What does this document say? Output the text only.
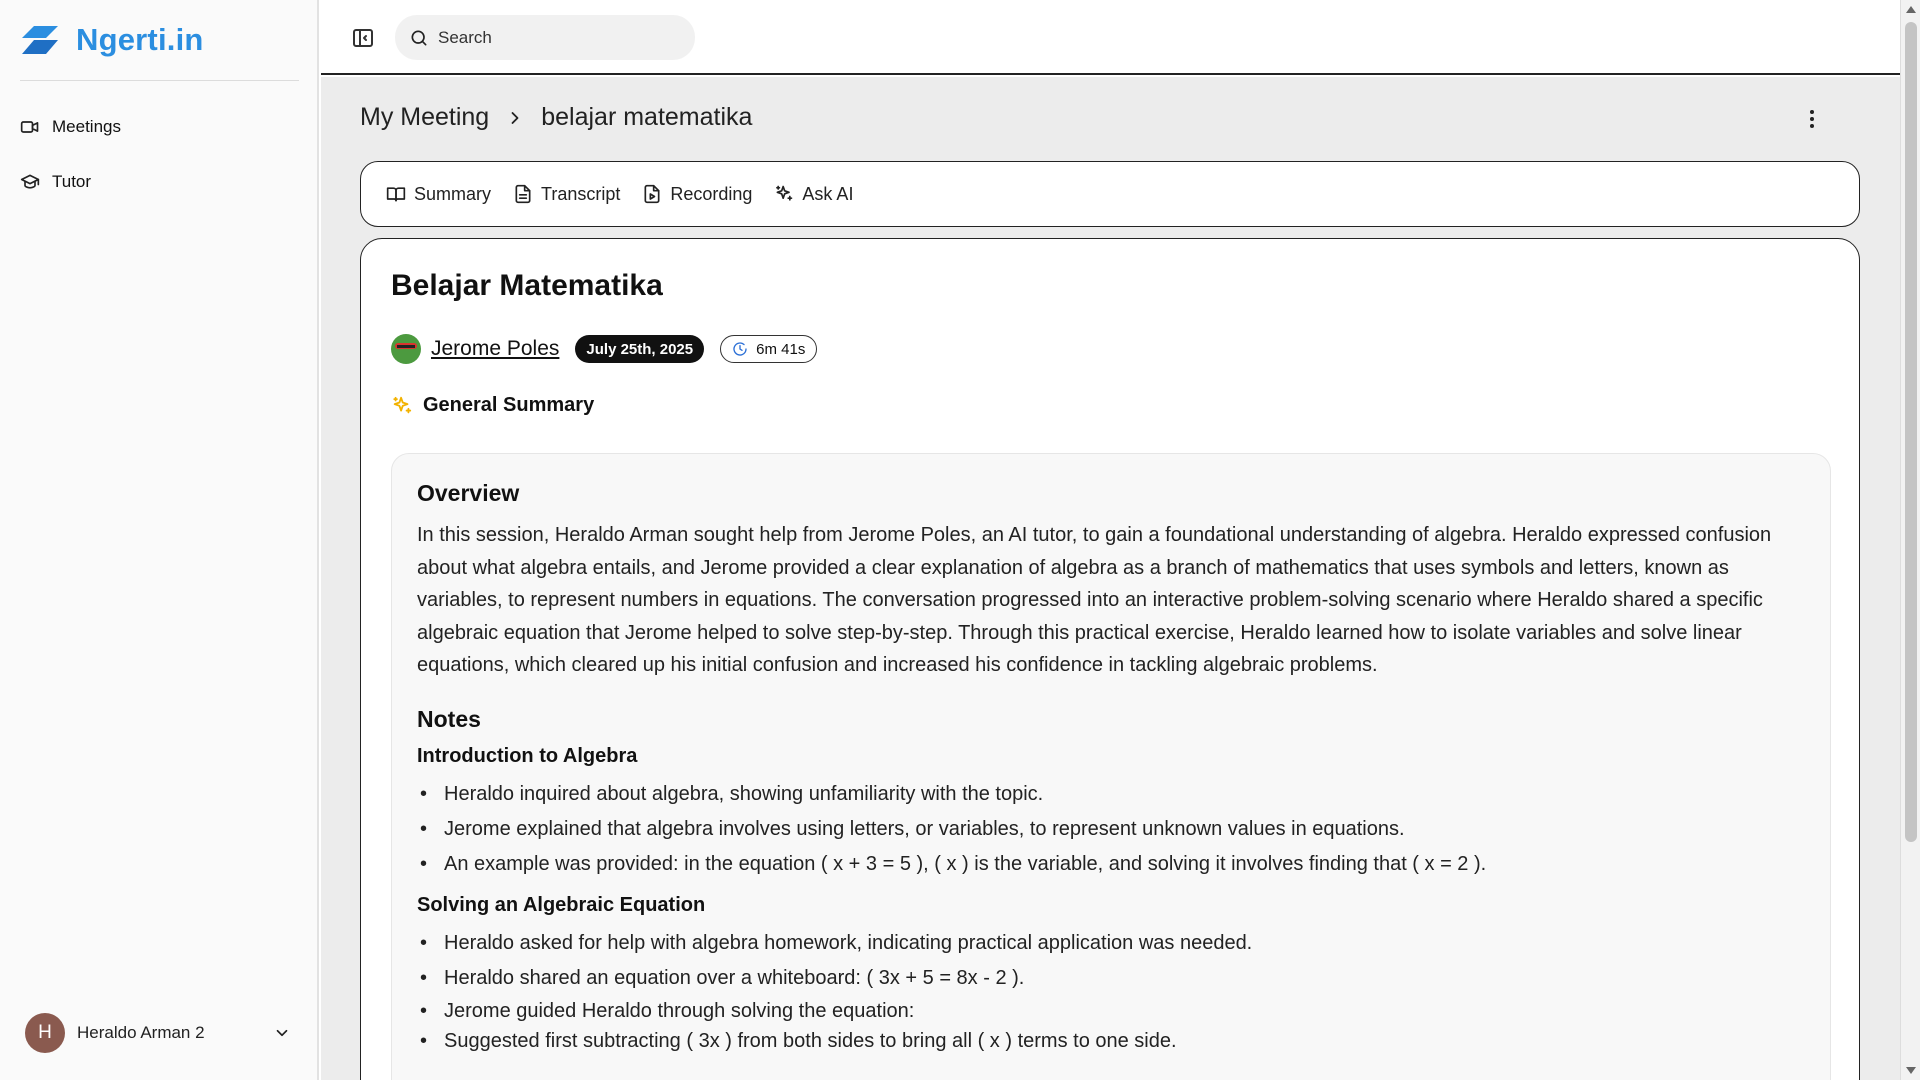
Ngerti.in
Meetings
Tutor
H	Heraldo Arman 2
Search
My Meeting belajar matematika
Summary	Transcript	Recording	Ask AI
Belajar Matematika
Jerome Poles	July 25th, 2025	6m 41s
General Summary
Overview

In this session, Heraldo Arman sought help from Jerome Poles, an AI tutor, to gain a foundational understanding of algebra. Heraldo expressed confusion about what algebra entails, and Jerome provided a clear explanation of algebra as a branch of mathematics that uses symbols and letters, known as variables, to represent numbers in equations. The conversation progressed into an interactive problem-solving scenario where Heraldo shared a specific algebraic equation that Jerome helped to solve step-by-step. Through this practical exercise, Heraldo learned how to isolate variables and solve linear equations, which cleared up his initial confusion and increased his confidence in tackling algebraic problems.

Notes
Introduction to Algebra
• Heraldo inquired about algebra, showing unfamiliarity with the topic.
• Jerome explained that algebra involves using letters, or variables, to represent unknown values in equations.
• An example was provided: in the equation ( x + 3 = 5 ), ( x ) is the variable, and solving it involves finding that ( x = 2 ).
Solving an Algebraic Equation
• Heraldo asked for help with algebra homework, indicating practical application was needed.
• Heraldo shared an equation over a whiteboard: ( 3x + 5 = 8x - 2 ).
• Jerome guided Heraldo through solving the equation:
• Suggested first subtracting ( 3x ) from both sides to bring all ( x ) terms to one side.
